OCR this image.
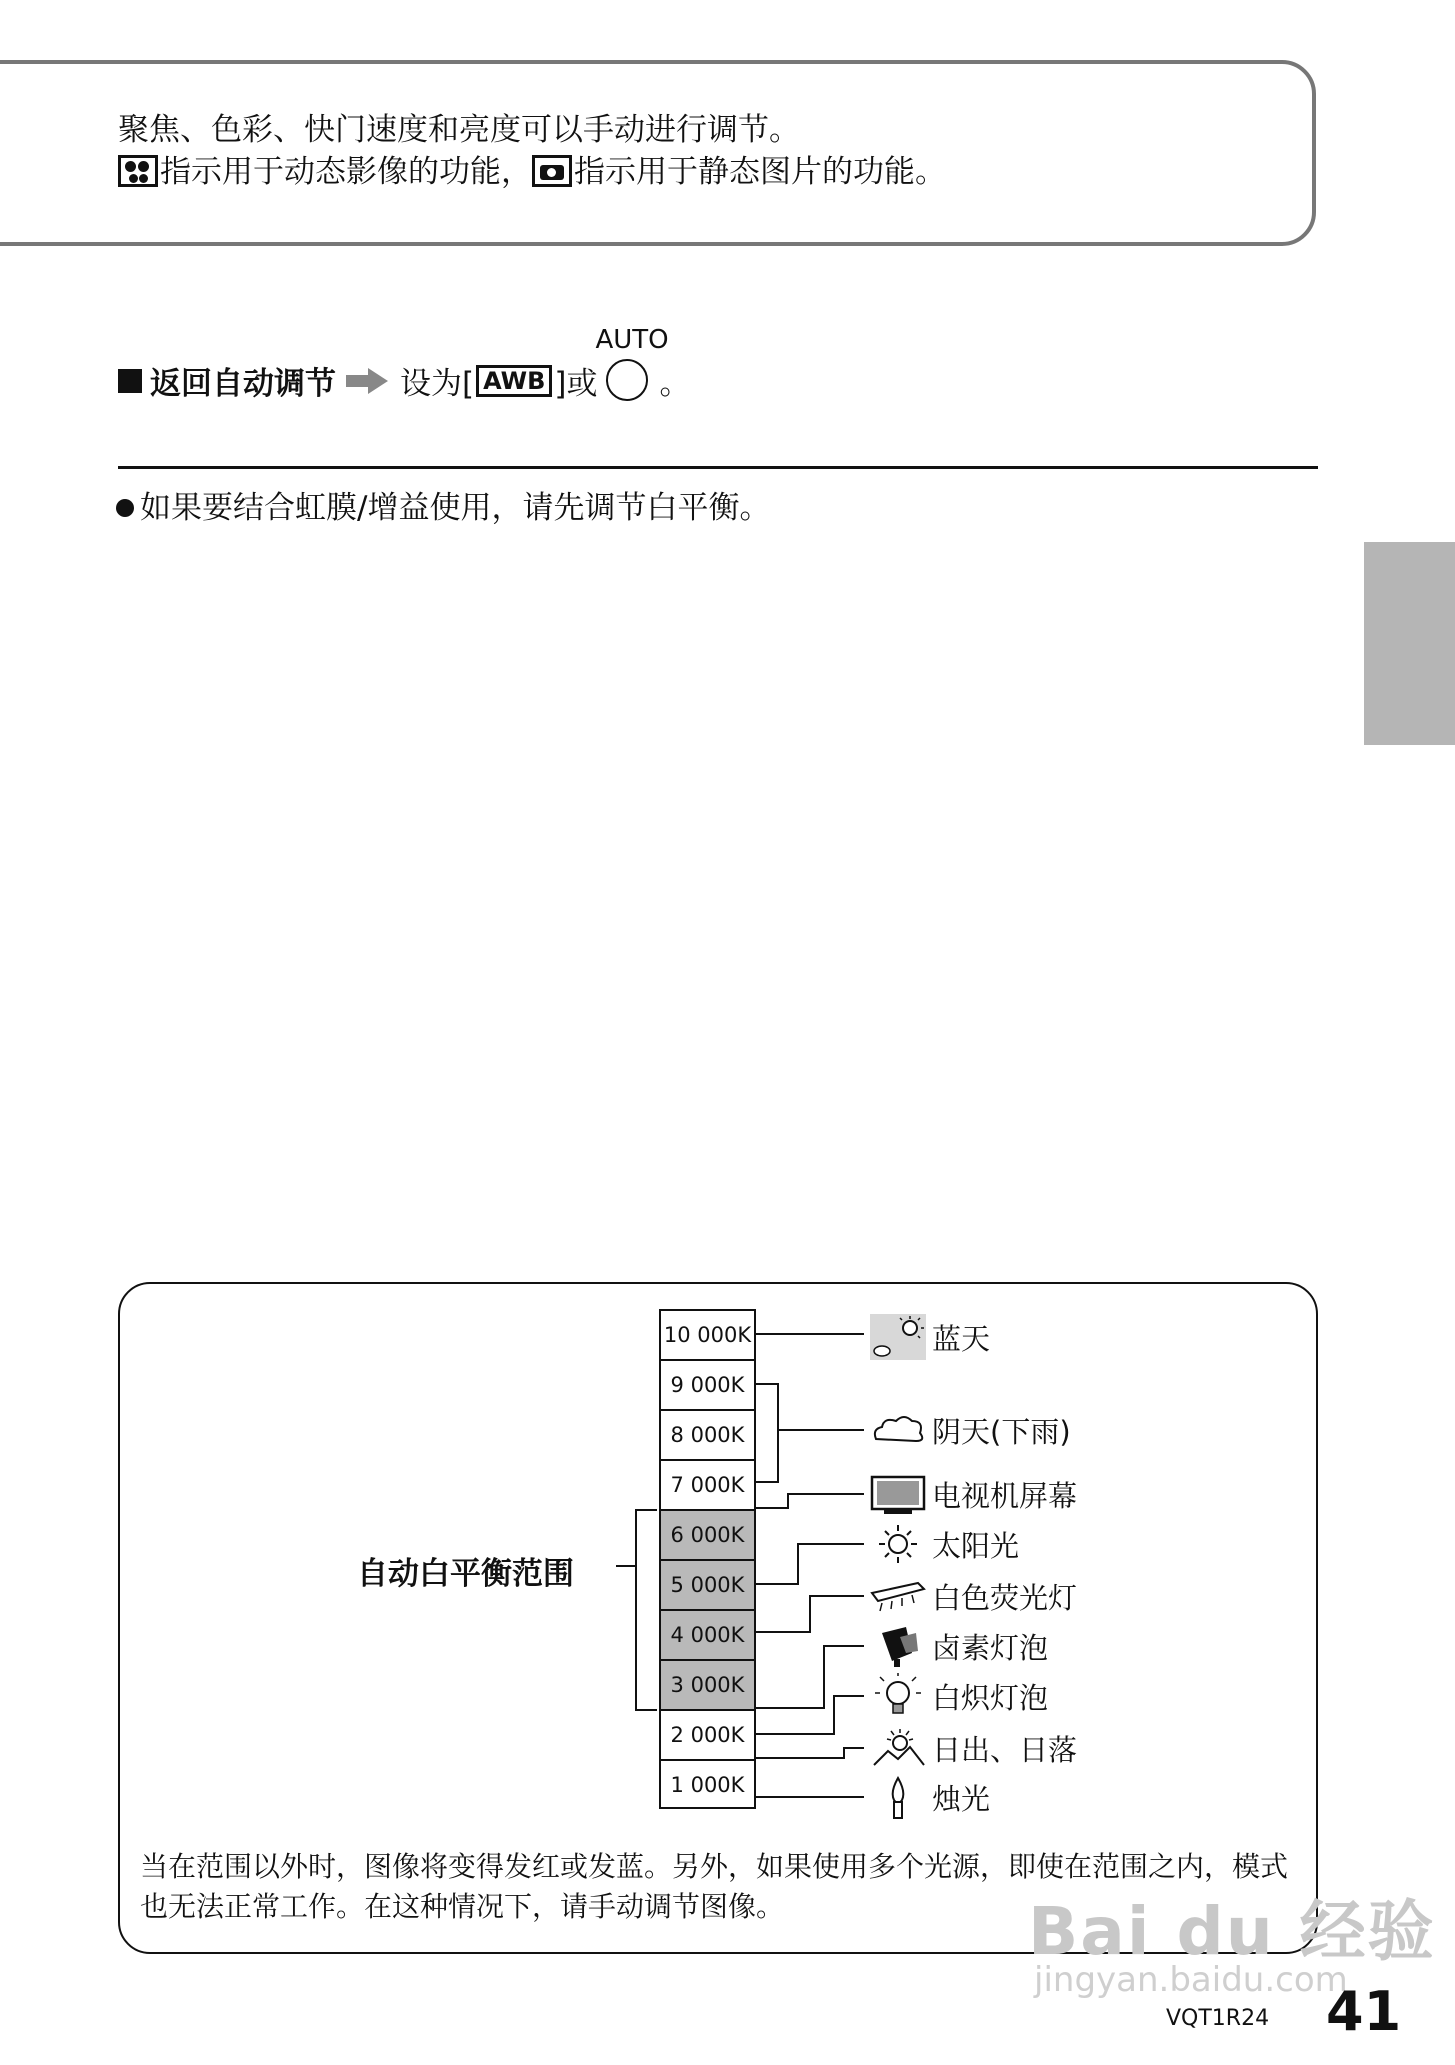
聚焦、色彩、快门速度和亮度可以手动进行调节。
指示用于动态影像的功能， 指示用于静态图片的功能。
返回自动调节 设为[ AWB ]或
AUTO
。
如果要结合虹膜/增益使用，请先调节白平衡。
10 000K
9 000K
8 000K
7 000K
6 000K
5 000K
4 000K
3 000K
2 000K
1 000K
自动白平衡范围
蓝天
阴天(下雨)
电视机屏幕
太阳光
白色荧光灯
卤素灯泡
白炽灯泡
日出、日落
烛光
当在范围以外时，图像将变得发红或发蓝。另外，如果使用多个光源，即使在范围之内，模式
也无法正常工作。在这种情况下，请手动调节图像。	Bai du 经验
jingyan.baidu.com
VQT1R24 41
